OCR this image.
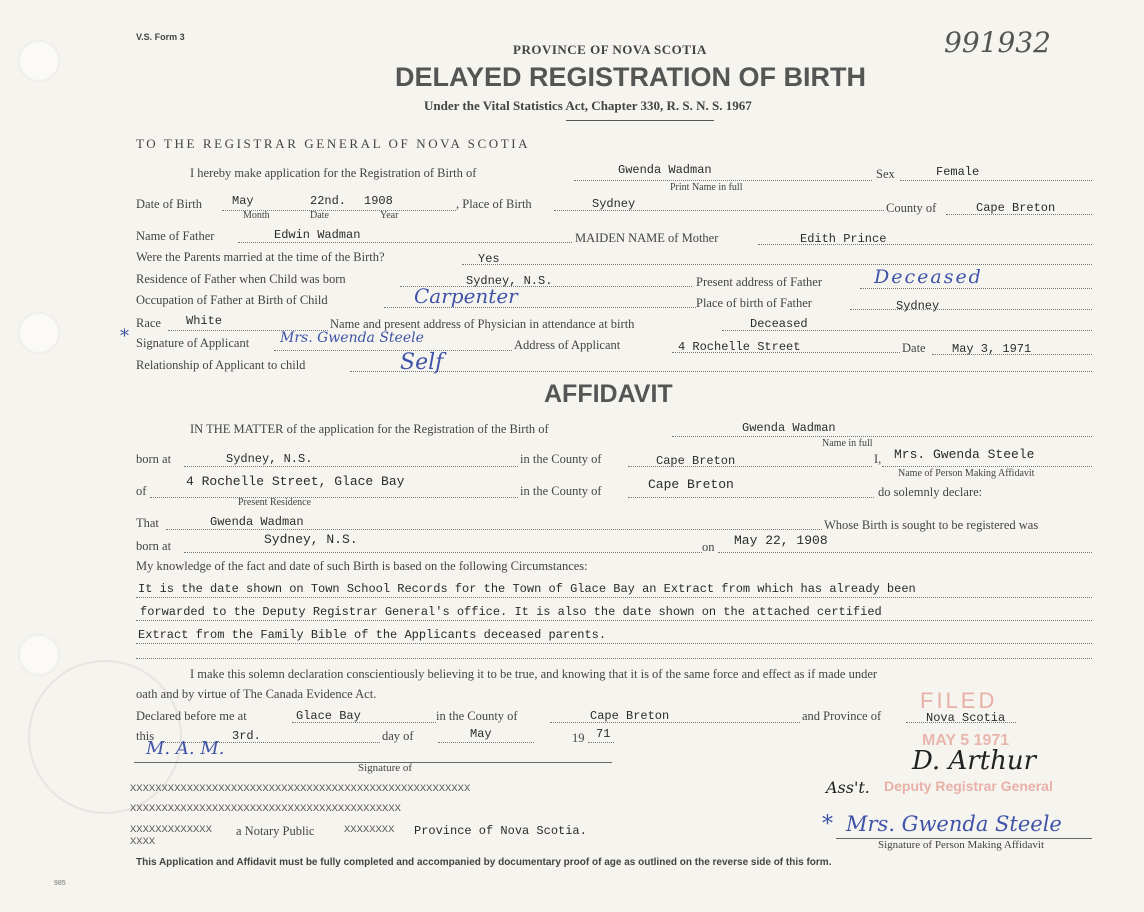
V.S. Form 3	991932
PROVINCE OF NOVA SCOTIA
DELAYED REGISTRATION OF BIRTH
Under the Vital Statistics Act, Chapter 330, R. S. N. S. 1967
TO THE REGISTRAR GENERAL OF NOVA SCOTIA
I hereby make application for the Registration of Birth of	Gwenda Wadman
Print Name in full
Sex	Female
Date of Birth	May	22nd. 1908
Month	Date	Year
, Place of Birth	Sydney	County of	Cape Breton
Name of Father	Edwin Wadman	MAIDEN NAME of Mother	Edith Prince
Were the Parents married at the time of the Birth?	Yes
Residence of Father when Child was born	Sydney, N.S.	Present address of Father	Deceased
Occupation of Father at Birth of Child	Carpenter	Place of birth of Father	Sydney
Race White	Name and present address of Physician in attendance at birth	Deceased
* Signature of Applicant Mrs. Gwenda Steele	Address of Applicant	4 Rochelle Street	Date May 3, 1971
Relationship of Applicant to child	Self
AFFIDAVIT
IN THE MATTER of the application for the Registration of the Birth of	Gwenda Wadman
Name in full
born at	Sydney, N.S.	in the County of	Cape Breton	I, Mrs. Gwenda Steele
Name of Person Making Affidavit
of
4 Rochelle Street, Glace Bay
Present Residence
in the County of	Cape Breton	do solemnly declare:
That	Gwenda Wadman	Whose Birth is sought to be registered was
born at	Sydney, N.S.	on May 22, 1908
My knowledge of the fact and date of such Birth is based on the following Circumstances:
It is the date shown on Town School Records for the Town of Glace Bay an Extract from which has already been
forwarded to the Deputy Registrar General's office. It is also the date shown on the attached certified
Extract from the Family Bible of the Applicants deceased parents.
I make this solemn declaration conscientiously believing it to be true, and knowing that it is of the same force and effect as if made under
oath and by virtue of The Canada Evidence Act.
Declared before me at	Glace Bay	in the County of	Cape Breton	and Province of	Nova Scotia
this	3rd.	day of	May	19 71
M. A. M.
Signature of
XXXXXXXXXXXXXXXXXXXXXXXXXXXXXXXXXXXXXXXXXXXXXXXXXXXXXX
XXXXXXXXXXXXXXXXXXXXXXXXXXXXXXXXXXXXXXXXXXX
XXXXXXXXXXXXX a Notary Public	XXXXXXXX Province of Nova Scotia.
XXXX
FILED
MAY 5 1971
Deputy Registrar General
Ass't.
D. Arthur
* Mrs. Gwenda Steele
Signature of Person Making Affidavit
This Application and Affidavit must be fully completed and accompanied by documentary proof of age as outlined on the reverse side of this form.
985
